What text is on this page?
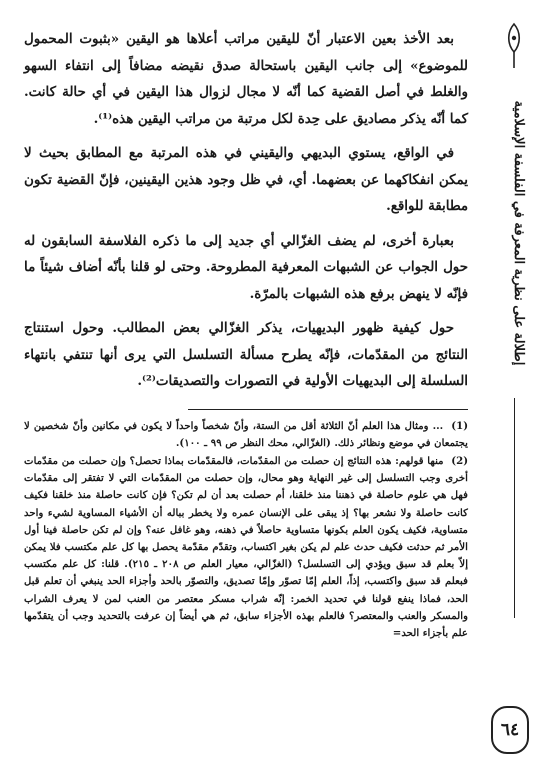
بعد الأخذ بعين الاعتبار أنّ لليقين مراتب أعلاها هو اليقين «بثبوت المحمول للموضوع» إلى جانب اليقين باستحالة صدق نقيضه مضافاً إلى انتفاء السهو والغلط في أصل القضية كما أنّه لا مجال لزوال هذا اليقين في أي حالة كانت. كما أنّه يذكر مصاديق على حِدة لكل مرتبة من مراتب اليقين هذه⁽¹⁾.

في الواقع، يستوي البديهي واليقيني في هذه المرتبة مع المطابق بحيث لا يمكن انفكاكهما عن بعضهما. أي، في ظل وجود هذين اليقينين، فإنّ القضية تكون مطابقة للواقع.

بعبارة أخرى، لم يضف الغزّالي أي جديد إلى ما ذكره الفلاسفة السابقون له حول الجواب عن الشبهات المعرفية المطروحة. وحتى لو قلنا بأنّه أضاف شيئاً ما فإنّه لا ينهض برفع هذه الشبهات بالمرّة.

حول كيفية ظهور البديهيات، يذكر الغزّالي بعض المطالب. وحول استنتاج النتائج من المقدّمات، فإنّه يطرح مسألة التسلسل التي يرى أنها تنتفي بانتهاء السلسلة إلى البديهيات الأولية في التصورات والتصديقات⁽²⁾.

(1) ... ومثال هذا العلم أنّ الثلاثة أقل من الستة، وأنّ شخصاً واحداً لا يكون في مكانين وأنّ شخصين لا يجتمعان في موضع ونظائر ذلك. (الغزّالي، محك النظر ص ٩٩ ـ ١٠٠).

(2) منها قولهم: هذه النتائج إن حصلت من المقدّمات، فالمقدّمات بماذا تحصل؟ وإن حصلت من مقدّمات أخرى وجب التسلسل إلى غير النهاية وهو محال، وإن حصلت من المقدّمات التي لا تفتقر إلى مقدّمات فهل هي علوم حاصلة في ذهننا منذ خلقنا، أم حصلت بعد أن لم تكن؟ فإن كانت حاصلة منذ خلقنا فكيف كانت حاصلة ولا نشعر بها؟ إذ يبقى على الإنسان عمره ولا يخطر بباله أن الأشياء المساوية لشيء واحد متساوية، فكيف يكون العلم بكونها متساوية حاصلاً في ذهنه، وهو غافل عنه؟ وإن لم تكن حاصلة فينا أول الأمر ثم حدثت فكيف حدث علم لم يكن بغير اكتساب، وتقدّم مقدّمة يحصل بها كل علم مكتسب فلا يمكن إلاّ بعلم قد سبق ويؤدي إلى التسلسل؟ (الغزّالي، معيار العلم ص ٢٠٨ ـ ٢١٥). قلنا: كل علم مكتسب فبعلم قد سبق واكتسب، إذاً، العلم إمّا تصوّر وإمّا تصديق، والتصوّر بالحد وأجزاء الحد ينبغي أن تعلم قبل الحد، فماذا ينفع قولنا في تحديد الخمر: إنّه شراب مسكر معتصر من العنب لمن لا يعرف الشراب والمسكر والعنب والمعتصر؟ فالعلم بهذه الأجزاء سابق، ثم هي أيضاً إن عرفت بالتحديد وجب أن يتقدّمها علم بأجزاء الحد=

إطلالة على نظرية المعرفة في الفلسفة الإسلامية
٦٤
